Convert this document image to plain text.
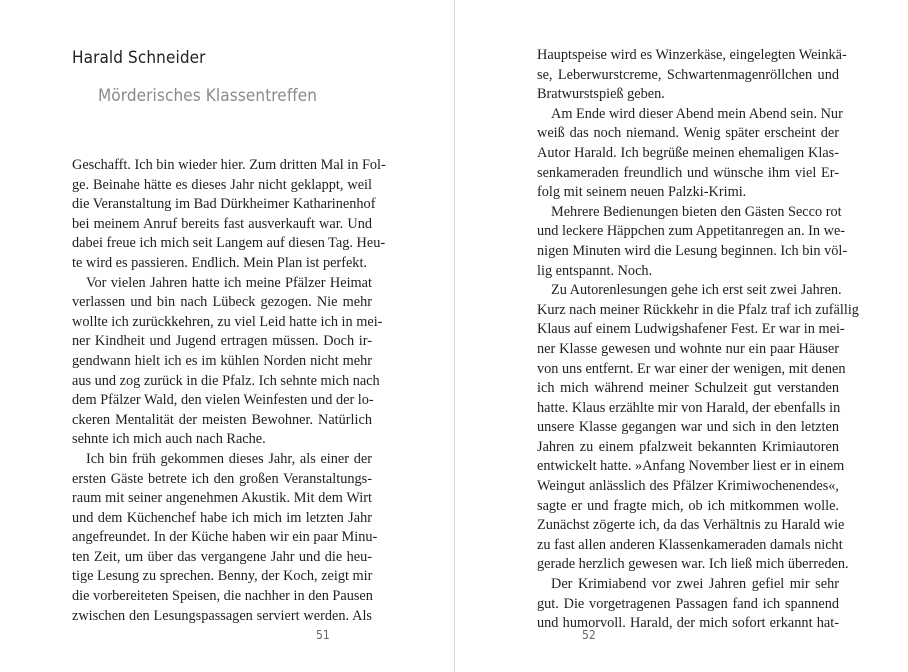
Harald Schneider
Mörderisches Klassentreffen
Geschafft. Ich bin wieder hier. Zum dritten Mal in Fol-
ge. Beinahe hätte es dieses Jahr nicht geklappt, weil
die Veranstaltung im Bad Dürkheimer Katharinenhof
bei meinem Anruf bereits fast ausverkauft war. Und
dabei freue ich mich seit Langem auf diesen Tag. Heu-
te wird es passieren. Endlich. Mein Plan ist perfekt.
Vor vielen Jahren hatte ich meine Pfälzer Heimat
verlassen und bin nach Lübeck gezogen. Nie mehr
wollte ich zurückkehren, zu viel Leid hatte ich in mei-
ner Kindheit und Jugend ertragen müssen. Doch ir-
gendwann hielt ich es im kühlen Norden nicht mehr
aus und zog zurück in die Pfalz. Ich sehnte mich nach
dem Pfälzer Wald, den vielen Weinfesten und der lo-
ckeren Mentalität der meisten Bewohner. Natürlich
sehnte ich mich auch nach Rache.
Ich bin früh gekommen dieses Jahr, als einer der
ersten Gäste betrete ich den großen Veranstaltungs-
raum mit seiner angenehmen Akustik. Mit dem Wirt
und dem Küchenchef habe ich mich im letzten Jahr
angefreundet. In der Küche haben wir ein paar Minu-
ten Zeit, um über das vergangene Jahr und die heu-
tige Lesung zu sprechen. Benny, der Koch, zeigt mir
die vorbereiteten Speisen, die nachher in den Pausen
zwischen den Lesungspassagen serviert werden. Als
51
Hauptspeise wird es Winzerkäse, eingelegten Weinkä-
se, Leberwurstcreme, Schwartenmagenröllchen und
Bratwurstspieß geben.
Am Ende wird dieser Abend mein Abend sein. Nur
weiß das noch niemand. Wenig später erscheint der
Autor Harald. Ich begrüße meinen ehemaligen Klas-
senkameraden freundlich und wünsche ihm viel Er-
folg mit seinem neuen Palzki-Krimi.
Mehrere Bedienungen bieten den Gästen Secco rot
und leckere Häppchen zum Appetitanregen an. In we-
nigen Minuten wird die Lesung beginnen. Ich bin völ-
lig entspannt. Noch.
Zu Autorenlesungen gehe ich erst seit zwei Jahren.
Kurz nach meiner Rückkehr in die Pfalz traf ich zufällig
Klaus auf einem Ludwigshafener Fest. Er war in mei-
ner Klasse gewesen und wohnte nur ein paar Häuser
von uns entfernt. Er war einer der wenigen, mit denen
ich mich während meiner Schulzeit gut verstanden
hatte. Klaus erzählte mir von Harald, der ebenfalls in
unsere Klasse gegangen war und sich in den letzten
Jahren zu einem pfalzweit bekannten Krimiautoren
entwickelt hatte. »Anfang November liest er in einem
Weingut anlässlich des Pfälzer Krimiwochenendes«,
sagte er und fragte mich, ob ich mitkommen wolle.
Zunächst zögerte ich, da das Verhältnis zu Harald wie
zu fast allen anderen Klassenkameraden damals nicht
gerade herzlich gewesen war. Ich ließ mich überreden.
Der Krimiabend vor zwei Jahren gefiel mir sehr
gut. Die vorgetragenen Passagen fand ich spannend
und humorvoll. Harald, der mich sofort erkannt hat-
52
